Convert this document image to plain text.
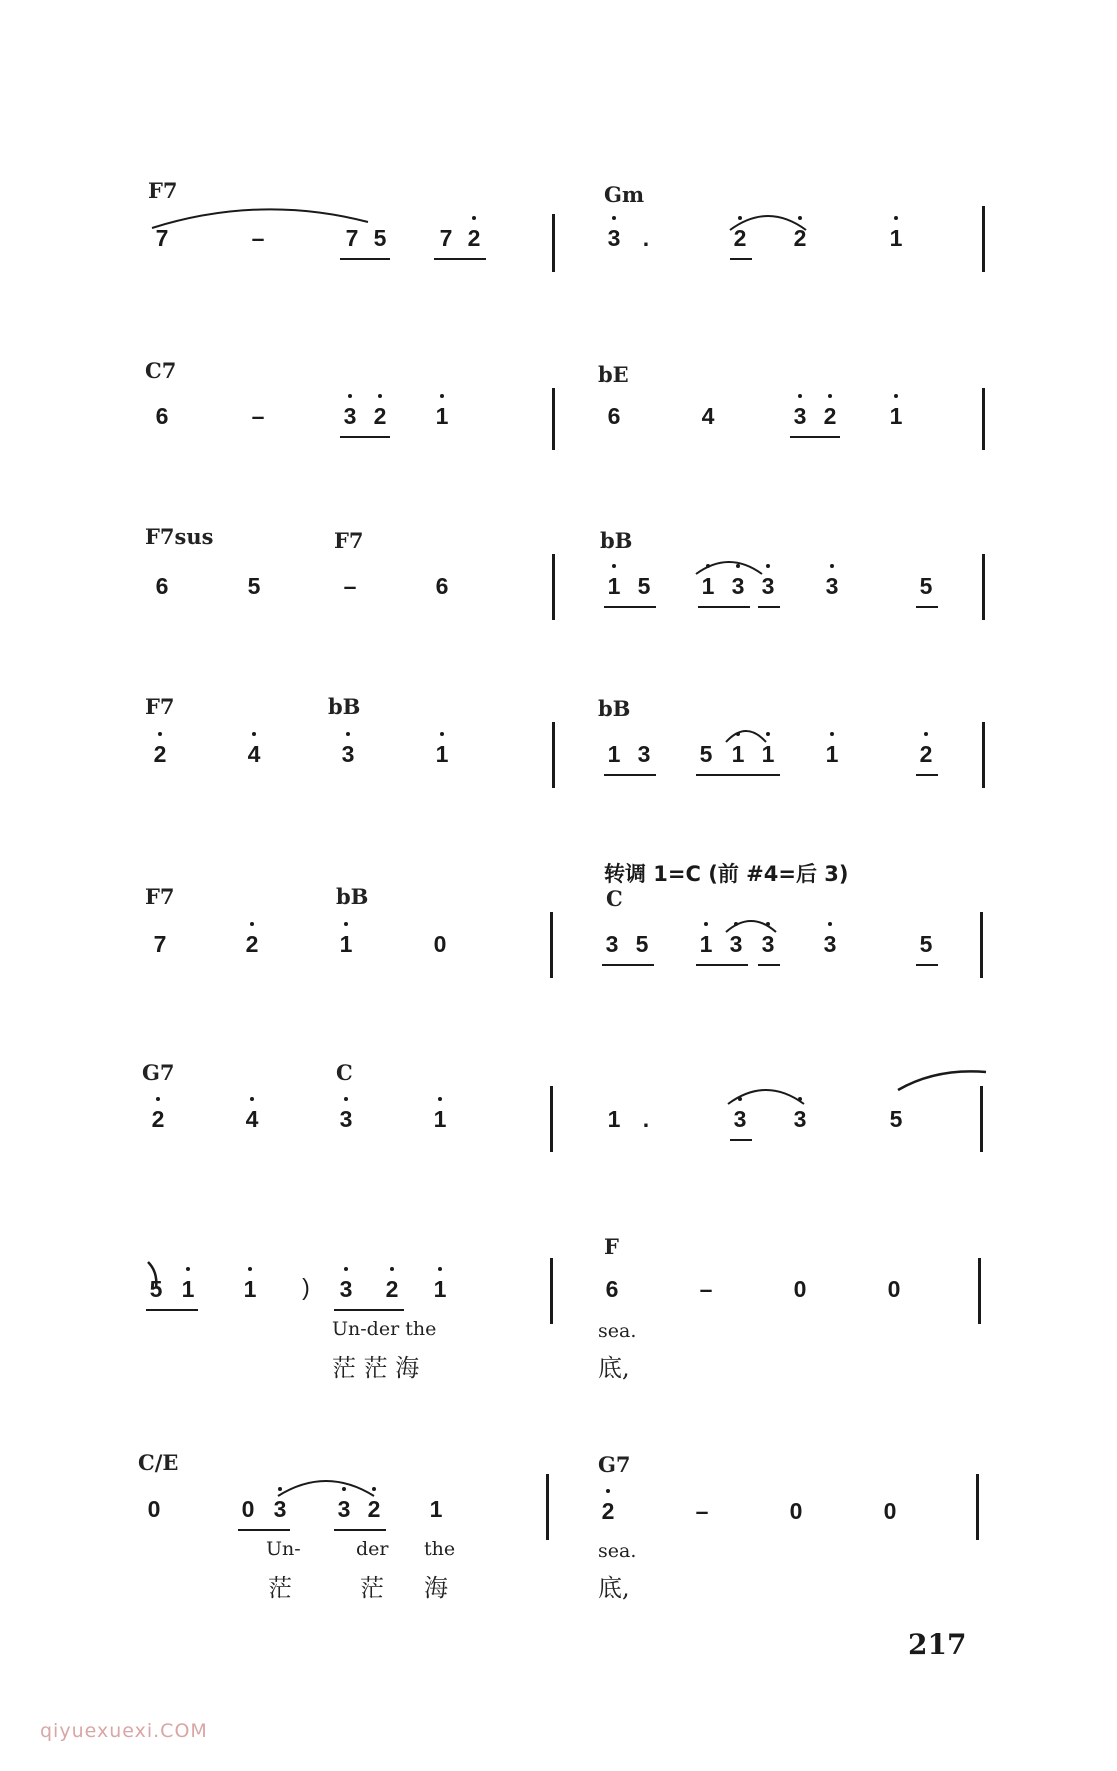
F7	Gm
7	–	7 5	7 2	3 .	2	2	1
C7	bE
6	–	3 2	1	6	4	3 2	1
F7sus	F7	bB
6	5	–	6	1 5	1 3 3	3	5
F7	bB	bB
2	4	3	1	1 3	5 1 1	1	2
转调 1=C (前 #4=后 3)
F7	bB	C
7	2	1	0	3 5	1 3 3	3	5
G7	C
2	4	3	1	1 .	3	3	5
F
5 1	1	)	3	2	1	6	–	0	0
Un-der the	sea.
茫 茫 海	底,
C/E	G7
0	0 3	3 2	1	2	–	0	0
Un-	der the	sea.
茫	茫 海	底,
217
qiyuexuexi.COM
